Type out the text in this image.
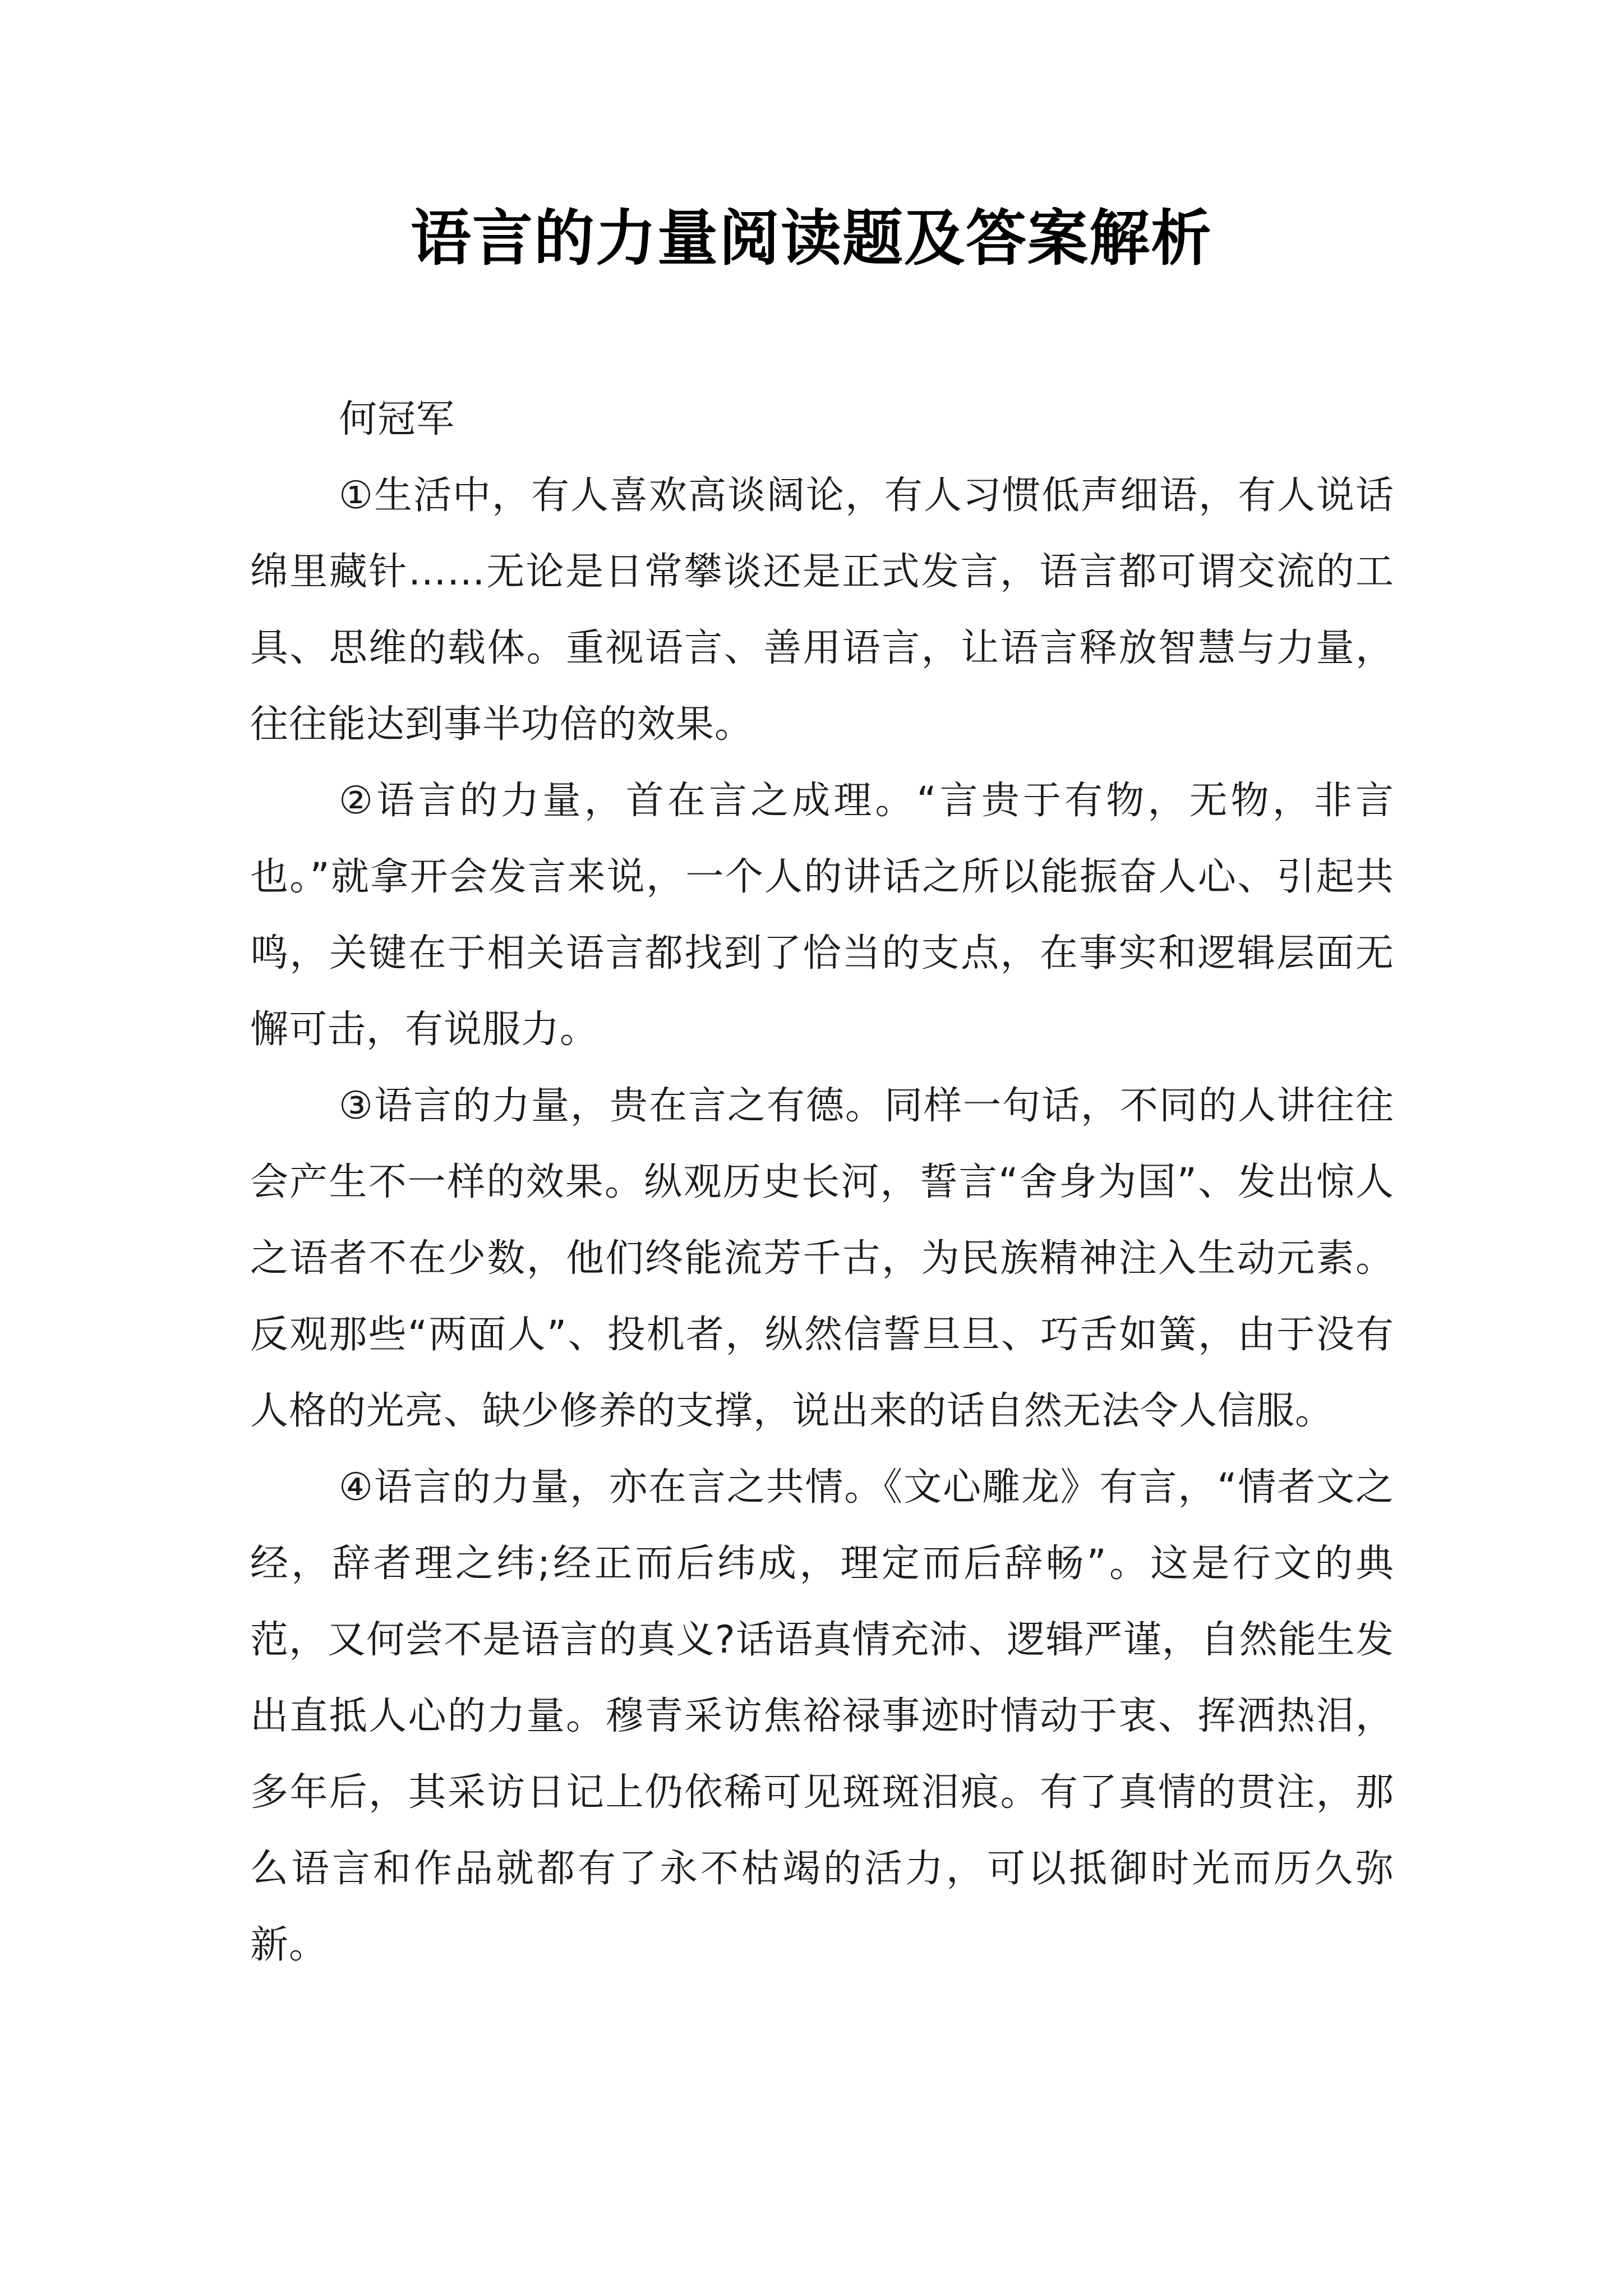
语言的力量阅读题及答案解析

何冠军

①生活中，有人喜欢高谈阔论，有人习惯低声细语，有人说话绵里藏针……无论是日常攀谈还是正式发言，语言都可谓交流的工具、思维的载体。重视语言、善用语言，让语言释放智慧与力量，往往能达到事半功倍的效果。

②语言的力量，首在言之成理。“言贵于有物，无物，非言也。”就拿开会发言来说，一个人的讲话之所以能振奋人心、引起共鸣，关键在于相关语言都找到了恰当的支点，在事实和逻辑层面无懈可击，有说服力。

③语言的力量，贵在言之有德。同样一句话，不同的人讲往往会产生不一样的效果。纵观历史长河，誓言“舍身为国”、发出惊人之语者不在少数，他们终能流芳千古，为民族精神注入生动元素。反观那些“两面人”、投机者，纵然信誓旦旦、巧舌如簧，由于没有人格的光亮、缺少修养的支撑，说出来的话自然无法令人信服。

④语言的力量，亦在言之共情。《文心雕龙》有言，“情者文之经，辞者理之纬;经正而后纬成，理定而后辞畅”。这是行文的典范，又何尝不是语言的真义?话语真情充沛、逻辑严谨，自然能生发出直抵人心的力量。穆青采访焦裕禄事迹时情动于衷、挥洒热泪，多年后，其采访日记上仍依稀可见斑斑泪痕。有了真情的贯注，那么语言和作品就都有了永不枯竭的活力，可以抵御时光而历久弥新。
